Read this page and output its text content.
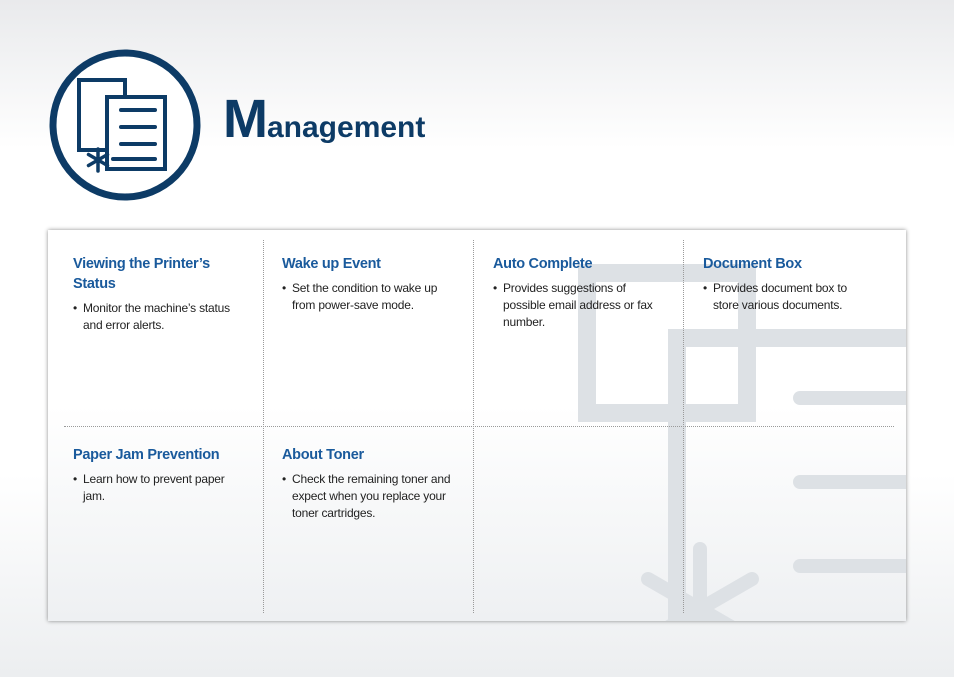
Management
Viewing the Printer’s Status
• Monitor the machine’s status and error alerts.
Wake up Event
• Set the condition to wake up from power-save mode.
Auto Complete
• Provides suggestions of possible email address or fax number.
Document Box
• Provides document box to store various documents.
Paper Jam Prevention
• Learn how to prevent paper jam.
About Toner
• Check the remaining toner and expect when you replace your toner cartridges.
